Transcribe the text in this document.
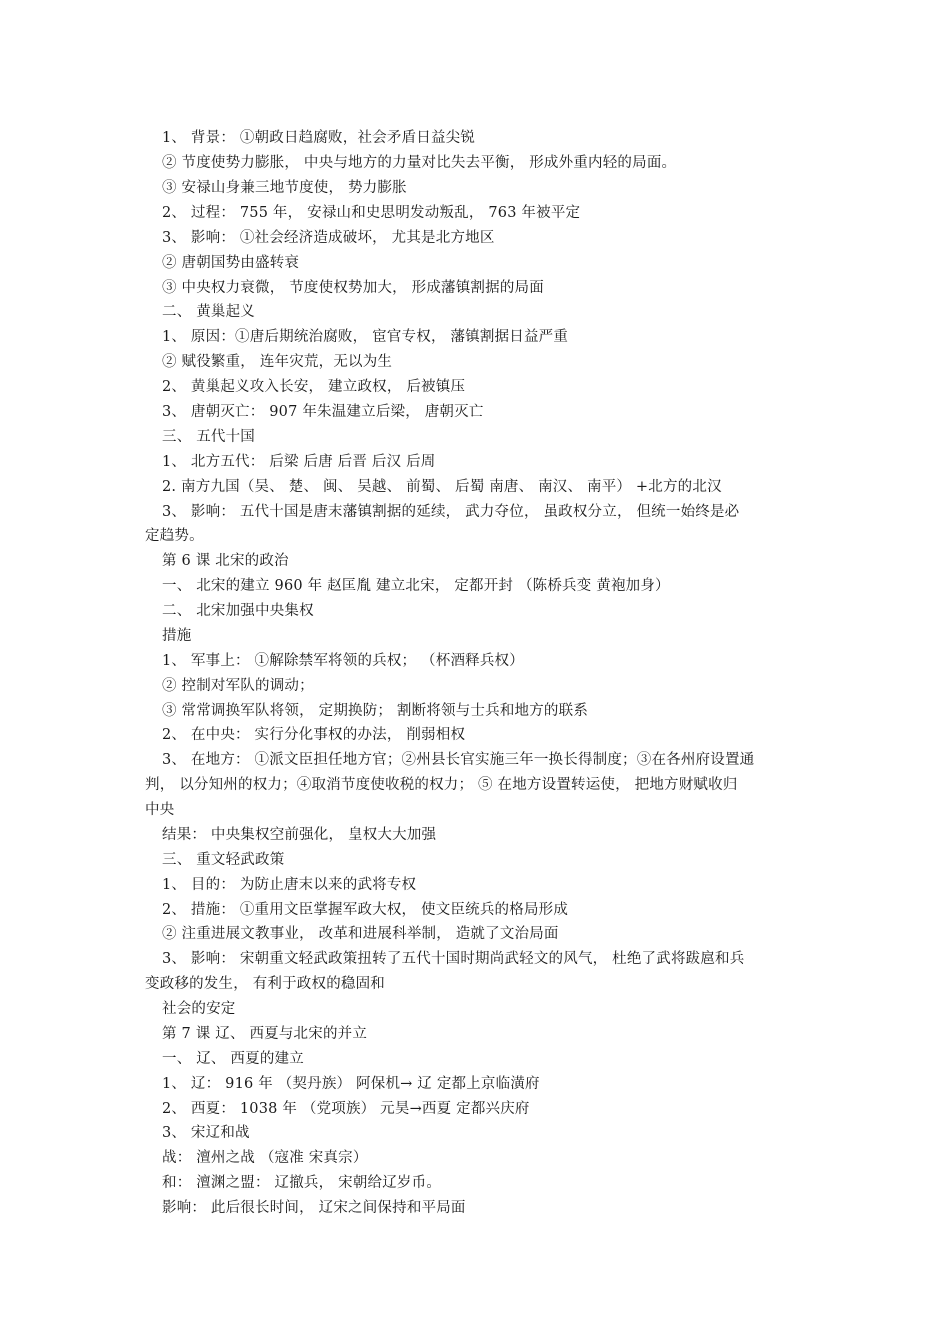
1、 背景： ①朝政日趋腐败，社会矛盾日益尖锐
② 节度使势力膨胀， 中央与地方的力量对比失去平衡， 形成外重内轻的局面。
③ 安禄山身兼三地节度使， 势力膨胀
2、 过程： 755 年， 安禄山和史思明发动叛乱， 763 年被平定
3、 影响： ①社会经济造成破坏， 尤其是北方地区
② 唐朝国势由盛转衰
③ 中央权力衰微， 节度使权势加大， 形成藩镇割据的局面
二、 黄巢起义
1、 原因：①唐后期统治腐败， 宦官专权， 藩镇割据日益严重
② 赋役繁重， 连年灾荒，无以为生
2、 黄巢起义攻入长安， 建立政权， 后被镇压
3、 唐朝灭亡： 907 年朱温建立后梁， 唐朝灭亡
三、 五代十国
1、 北方五代： 后梁 后唐 后晋 后汉 后周
2. 南方九国（吴、 楚、 闽、 吴越、 前蜀、 后蜀 南唐、 南汉、 南平） +北方的北汉
3、 影响： 五代十国是唐末藩镇割据的延续， 武力夺位， 虽政权分立， 但统一始终是必
定趋势。
第 6 课 北宋的政治
一、 北宋的建立 960 年 赵匡胤 建立北宋， 定都开封 （陈桥兵变 黄袍加身）
二、 北宋加强中央集权
措施
1、 军事上： ①解除禁军将领的兵权； （杯酒释兵权）
② 控制对军队的调动；
③ 常常调换军队将领， 定期换防； 割断将领与士兵和地方的联系
2、 在中央： 实行分化事权的办法， 削弱相权
3、 在地方： ①派文臣担任地方官；②州县长官实施三年一换长得制度；③在各州府设置通
判， 以分知州的权力；④取消节度使收税的权力； ⑤ 在地方设置转运使， 把地方财赋收归
中央
结果： 中央集权空前强化， 皇权大大加强
三、 重文轻武政策
1、 目的： 为防止唐末以来的武将专权
2、 措施： ①重用文臣掌握军政大权， 使文臣统兵的格局形成
② 注重进展文教事业， 改革和进展科举制， 造就了文治局面
3、 影响： 宋朝重文轻武政策扭转了五代十国时期尚武轻文的风气， 杜绝了武将跋扈和兵
变政移的发生， 有利于政权的稳固和
社会的安定
第 7 课 辽、 西夏与北宋的并立
一、 辽、 西夏的建立
1、 辽： 916 年 （契丹族） 阿保机→ 辽 定都上京临潢府
2、 西夏： 1038 年 （党项族） 元昊→西夏 定都兴庆府
3、 宋辽和战
战： 澶州之战 （寇准 宋真宗）
和： 澶渊之盟： 辽撤兵， 宋朝给辽岁币。
影响： 此后很长时间， 辽宋之间保持和平局面
